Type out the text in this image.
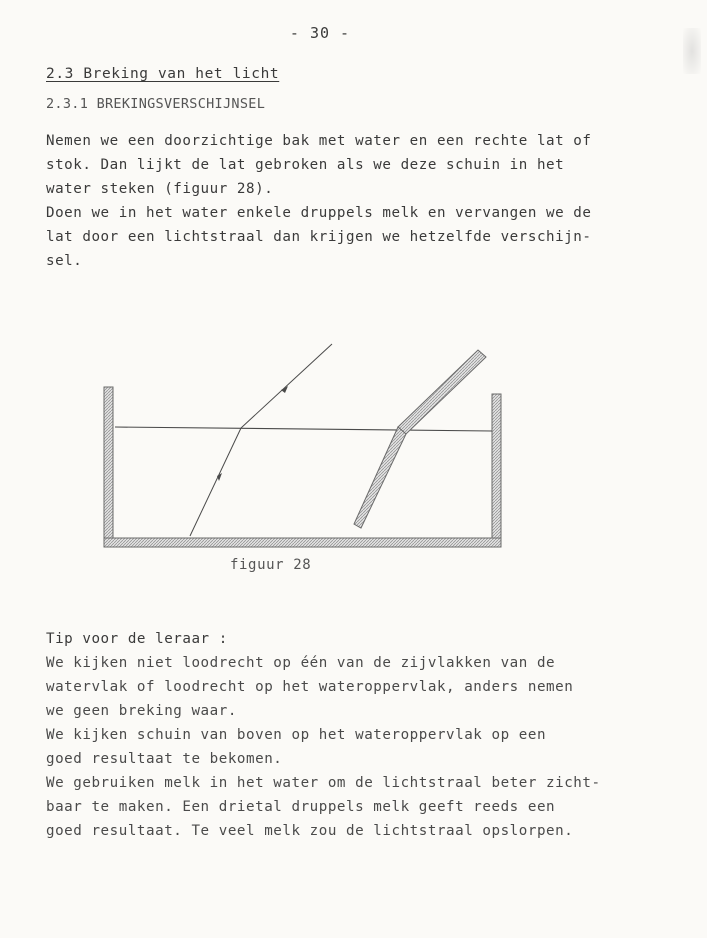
- 30 -
2.3 Breking van het licht
2.3.1 BREKINGSVERSCHIJNSEL

Nemen we een doorzichtige bak met water en een rechte lat of
stok. Dan lijkt de lat gebroken als we deze schuin in het
water steken (figuur 28).

Doen we in het water enkele druppels melk en vervangen we de
lat door een lichtstraal dan krijgen we hetzelfde verschijn-
sel.

figuur 28

Tip voor de leraar :

We kijken niet loodrecht op één van de zijvlakken van de
watervlak of loodrecht op het wateroppervlak, anders nemen
we geen breking waar.

We kijken schuin van boven op het wateroppervlak op een
goed resultaat te bekomen.

We gebruiken melk in het water om de lichtstraal beter zicht-
baar te maken. Een drietal druppels melk geeft reeds een
goed resultaat. Te veel melk zou de lichtstraal opslorpen.
